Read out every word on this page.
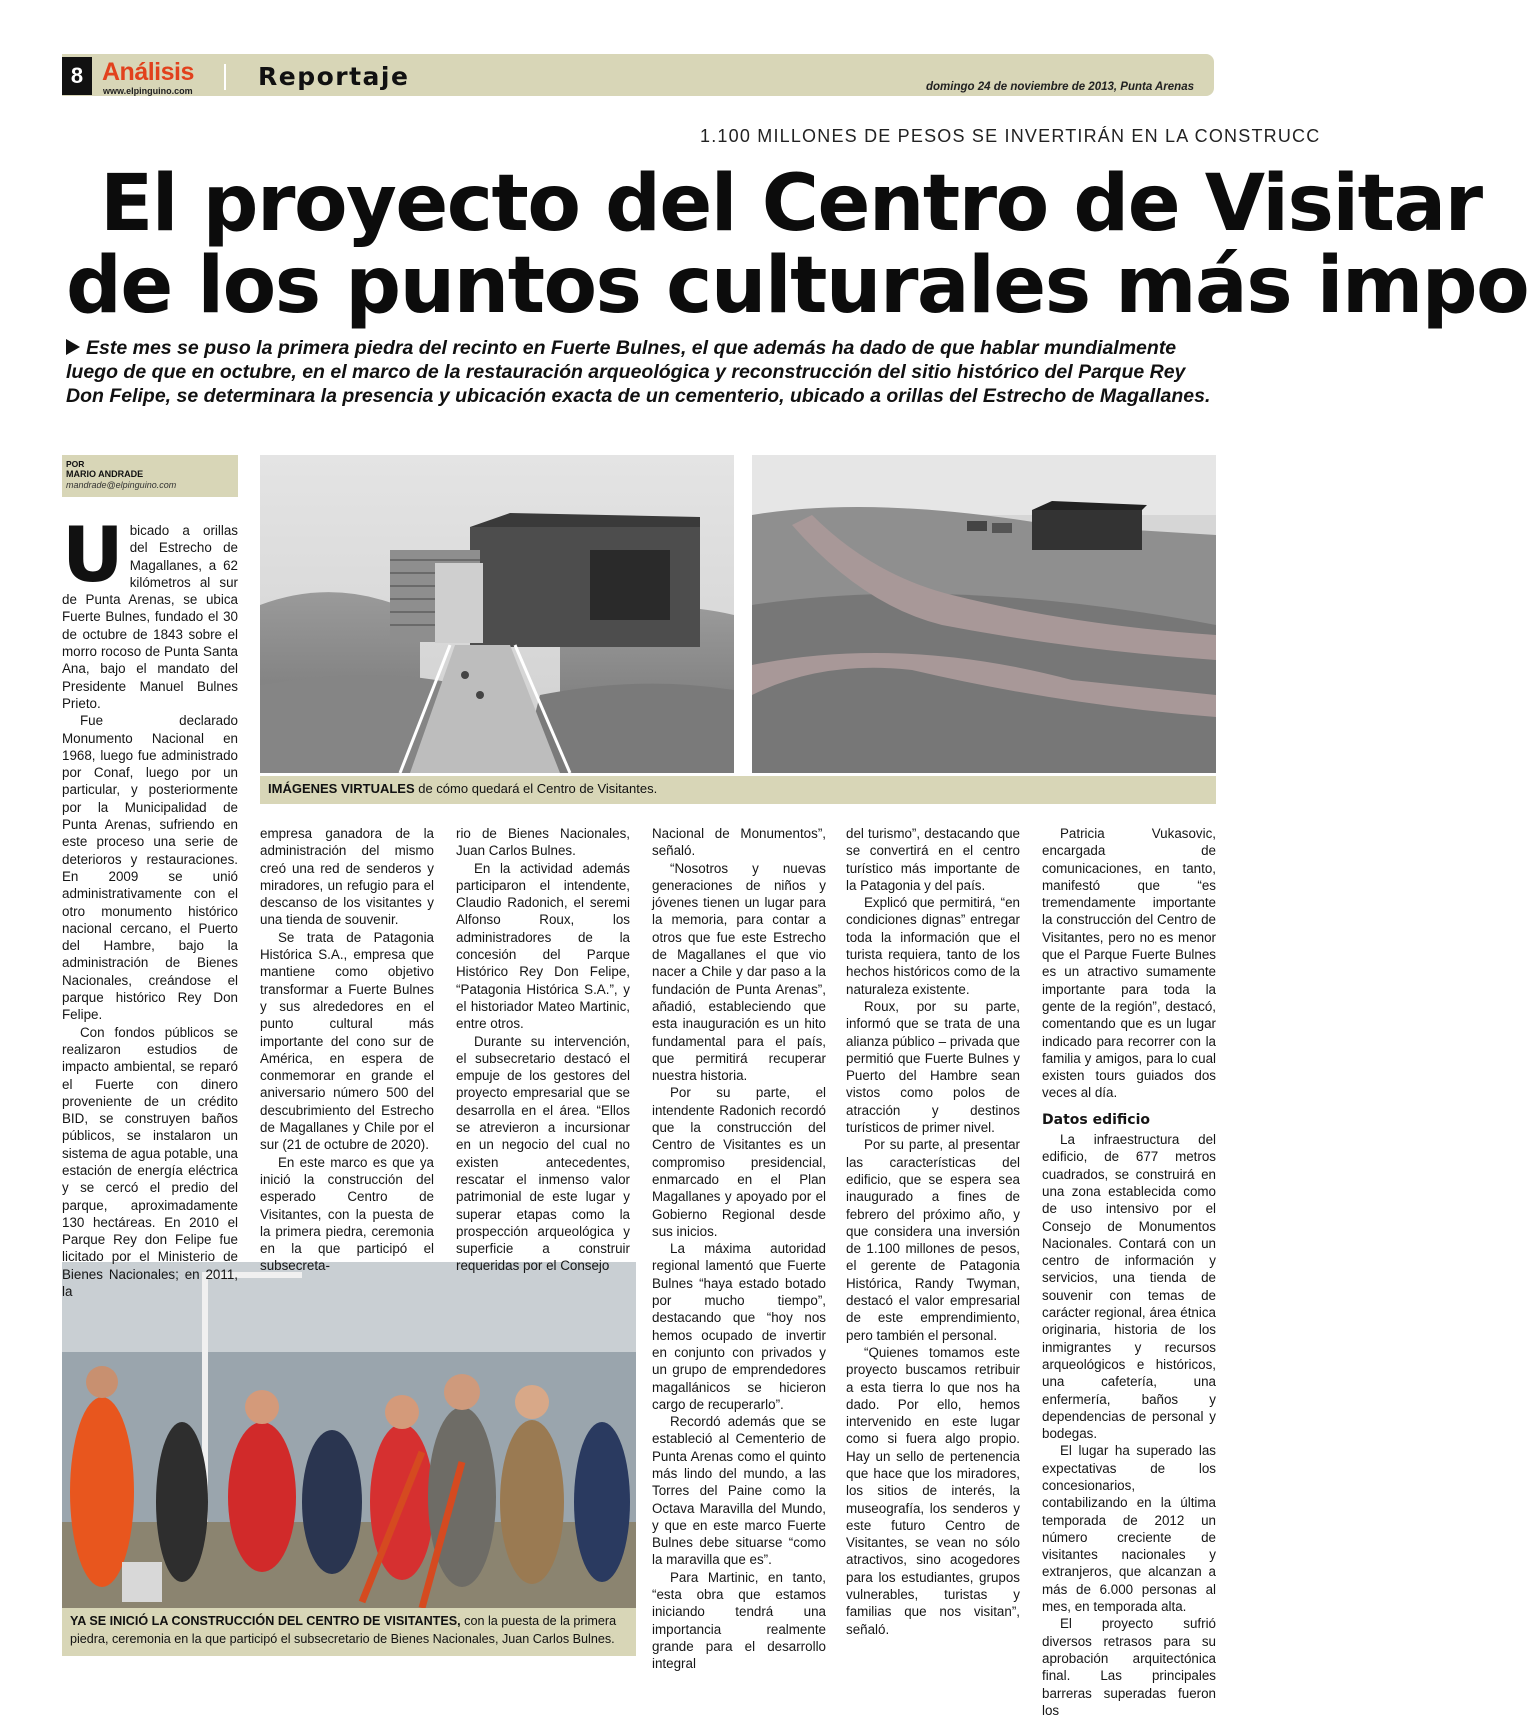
8 Análisis
www.elpinguino.com	Reportaje	domingo 24 de noviembre de 2013, Punta Arenas
1.100 MILLONES DE PESOS SE INVERTIRÁN EN LA CONSTRUCC
El proyecto del Centro de Visitar
de los puntos culturales más impo
Este mes se puso la primera piedra del recinto en Fuerte Bulnes, el que además ha dado de que hablar mundialmente luego de que en octubre, en el marco de la restauración arqueológica y reconstrucción del sitio histórico del Parque Rey Don Felipe, se determinara la presencia y ubicación exacta de un cementerio, ubicado a orillas del Estrecho de Magallanes.
POR
MARIO ANDRADE
mandrade@elpinguino.com
IMÁGENES VIRTUALES de cómo quedará el Centro de Visitantes.
YA SE INICIÓ LA CONSTRUCCIÓN DEL CENTRO DE VISITANTES, con la puesta de la primera piedra, ceremonia en la que participó el subsecretario de Bienes Nacionales, Juan Carlos Bulnes.

Ubicado a orillas del Estrecho de Magallanes, a 62 kilómetros al sur de Punta Arenas, se ubica Fuerte Bulnes, fundado el 30 de octubre de 1843 sobre el morro rocoso de Punta Santa Ana, bajo el mandato del Presidente Manuel Bulnes Prieto.

Fue declarado Monumento Nacional en 1968, luego fue administrado por Conaf, luego por un particular, y posteriormente por la Municipalidad de Punta Arenas, sufriendo en este proceso una serie de deterioros y restauraciones. En 2009 se unió administrativamente con el otro monumento histórico nacional cercano, el Puerto del Hambre, bajo la administración de Bienes Nacionales, creándose el parque histórico Rey Don Felipe.

Con fondos públicos se realizaron estudios de impacto ambiental, se reparó el Fuerte con dinero proveniente de un crédito BID, se construyen baños públicos, se instalaron un sistema de agua potable, una estación de energía eléctrica y se cercó el predio del parque, aproximadamente 130 hectáreas. En 2010 el Parque Rey don Felipe fue licitado por el Ministerio de Bienes Nacionales; en 2011, la

empresa ganadora de la administración del mismo creó una red de senderos y miradores, un refugio para el descanso de los visitantes y una tienda de souvenir.

Se trata de Patagonia Histórica S.A., empresa que mantiene como objetivo transformar a Fuerte Bulnes y sus alrededores en el punto cultural más importante del cono sur de América, en espera de conmemorar en grande el aniversario número 500 del descubrimiento del Estrecho de Magallanes y Chile por el sur (21 de octubre de 2020).

En este marco es que ya inició la construcción del esperado Centro de Visitantes, con la puesta de la primera piedra, ceremonia en la que participó el subsecreta-

rio de Bienes Nacionales, Juan Carlos Bulnes.

En la actividad además participaron el intendente, Claudio Radonich, el seremi Alfonso Roux, los administradores de la concesión del Parque Histórico Rey Don Felipe, “Patagonia Histórica S.A.”, y el historiador Mateo Martinic, entre otros.

Durante su intervención, el subsecretario destacó el empuje de los gestores del proyecto empresarial que se desarrolla en el área. “Ellos se atrevieron a incursionar en un negocio del cual no existen antecedentes, rescatar el inmenso valor patrimonial de este lugar y superar etapas como la prospección arqueológica y superficie a construir requeridas por el Consejo

Nacional de Monumentos”, señaló.

“Nosotros y nuevas generaciones de niños y jóvenes tienen un lugar para la memoria, para contar a otros que fue este Estrecho de Magallanes el que vio nacer a Chile y dar paso a la fundación de Punta Arenas”, añadió, estableciendo que esta inauguración es un hito fundamental para el país, que permitirá recuperar nuestra historia.

Por su parte, el intendente Radonich recordó que la construcción del Centro de Visitantes es un compromiso presidencial, enmarcado en el Plan Magallanes y apoyado por el Gobierno Regional desde sus inicios.

La máxima autoridad regional lamentó que Fuerte Bulnes “haya estado botado por mucho tiempo”, destacando que “hoy nos hemos ocupado de invertir en conjunto con privados y un grupo de emprendedores magallánicos se hicieron cargo de recuperarlo”.

Recordó además que se estableció al Cementerio de Punta Arenas como el quinto más lindo del mundo, a las Torres del Paine como la Octava Maravilla del Mundo, y que en este marco Fuerte Bulnes debe situarse “como la maravilla que es”.

Para Martinic, en tanto, “esta obra que estamos iniciando tendrá una importancia realmente grande para el desarrollo integral

del turismo”, destacando que se convertirá en el centro turístico más importante de la Patagonia y del país.

Explicó que permitirá, “en condiciones dignas” entregar toda la información que el turista requiera, tanto de los hechos históricos como de la naturaleza existente.

Roux, por su parte, informó que se trata de una alianza público – privada que permitió que Fuerte Bulnes y Puerto del Hambre sean vistos como polos de atracción y destinos turísticos de primer nivel.

Por su parte, al presentar las características del edificio, que se espera sea inaugurado a fines de febrero del próximo año, y que considera una inversión de 1.100 millones de pesos, el gerente de Patagonia Histórica, Randy Twyman, destacó el valor empresarial de este emprendimiento, pero también el personal.

“Quienes tomamos este proyecto buscamos retribuir a esta tierra lo que nos ha dado. Por ello, hemos intervenido en este lugar como si fuera algo propio. Hay un sello de pertenencia que hace que los miradores, los sitios de interés, la museografía, los senderos y este futuro Centro de Visitantes, se vean no sólo atractivos, sino acogedores para los estudiantes, grupos vulnerables, turistas y familias que nos visitan”, señaló.

Patricia Vukasovic, encargada de comunicaciones, en tanto, manifestó que “es tremendamente importante la construcción del Centro de Visitantes, pero no es menor que el Parque Fuerte Bulnes es un atractivo sumamente importante para toda la gente de la región”, destacó, comentando que es un lugar indicado para recorrer con la familia y amigos, para lo cual existen tours guiados dos veces al día.

Datos edificio

La infraestructura del edificio, de 677 metros cuadrados, se construirá en una zona establecida como de uso intensivo por el Consejo de Monumentos Nacionales. Contará con un centro de información y servicios, una tienda de souvenir con temas de carácter regional, área étnica originaria, historia de los inmigrantes y recursos arqueológicos e históricos, una cafetería, una enfermería, baños y dependencias de personal y bodegas.

El lugar ha superado las expectativas de los concesionarios, contabilizando en la última temporada de 2012 un número creciente de visitantes nacionales y extranjeros, que alcanzan a más de 6.000 personas al mes, en temporada alta.

El proyecto sufrió diversos retrasos para su aprobación arquitectónica final. Las principales barreras superadas fueron los
